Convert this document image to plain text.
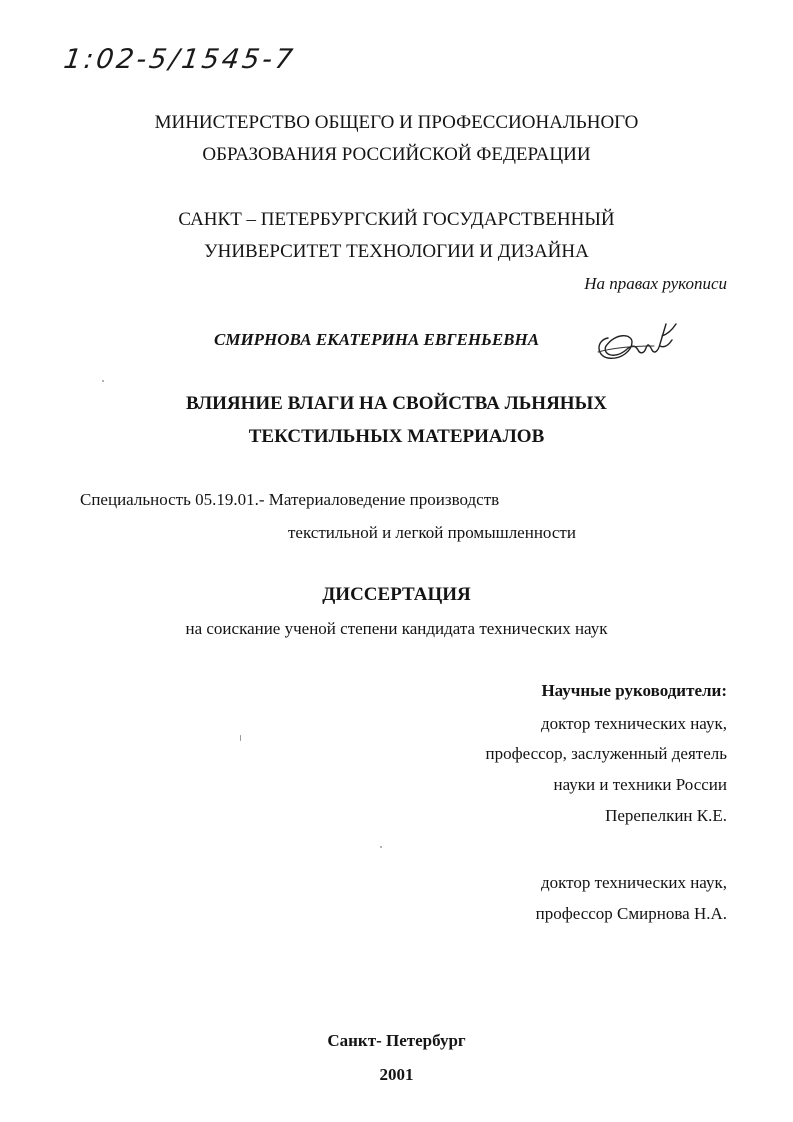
1:02-5/1545-7
МИНИСТЕРСТВО ОБЩЕГО И ПРОФЕССИОНАЛЬНОГО
ОБРАЗОВАНИЯ РОССИЙСКОЙ ФЕДЕРАЦИИ
САНКТ – ПЕТЕРБУРГСКИЙ ГОСУДАРСТВЕННЫЙ
УНИВЕРСИТЕТ ТЕХНОЛОГИИ И ДИЗАЙНА
На правах рукописи
СМИРНОВА ЕКАТЕРИНА ЕВГЕНЬЕВНА
ВЛИЯНИЕ ВЛАГИ НА СВОЙСТВА ЛЬНЯНЫХ
ТЕКСТИЛЬНЫХ МАТЕРИАЛОВ
Специальность 05.19.01.- Материаловедение производств
текстильной и легкой промышленности
ДИССЕРТАЦИЯ
на соискание ученой степени кандидата технических наук
Научные руководители:
доктор технических наук,
профессор, заслуженный деятель
науки и техники России
Перепелкин К.Е.
доктор технических наук,
профессор Смирнова Н.А.
Санкт- Петербург
2001
